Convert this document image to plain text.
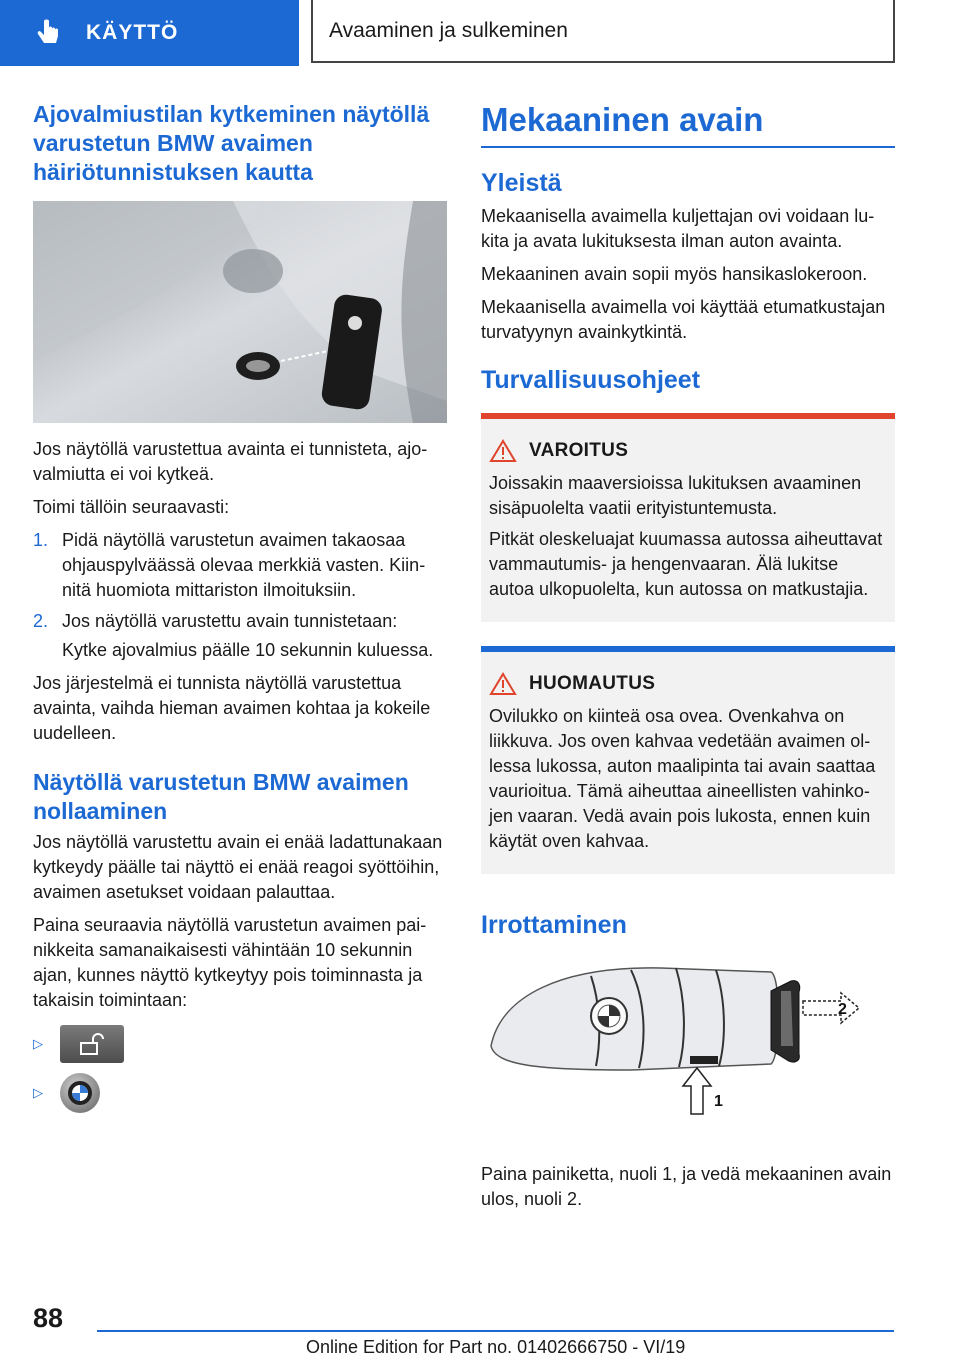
KÄYTTÖ	Avaaminen ja sulkeminen
Ajovalmiustilan kytkeminen näytöllä varustetun BMW avaimen häiriötunnistuksen kautta

Jos näytöllä varustettua avainta ei tunnisteta, ajovalmiutta ei voi kytkeä.

Toimi tällöin seuraavasti:

1. Pidä näytöllä varustetun avaimen takaosaa ohjauspylväässä olevaa merkkiä vasten. Kiinnitä huomiota mittariston ilmoituksiin.
2. Jos näytöllä varustettu avain tunnistetaan:

Kytke ajovalmius päälle 10 sekunnin kuluessa.

Jos järjestelmä ei tunnista näytöllä varustettua avainta, vaihda hieman avaimen kohtaa ja kokeile uudelleen.

Näytöllä varustetun BMW avaimen nollaaminen

Jos näytöllä varustettu avain ei enää ladattunakaan kytkeydy päälle tai näyttö ei enää reagoi syöttöihin, avaimen asetukset voidaan palauttaa.

Paina seuraavia näytöllä varustetun avaimen painikkeita samanaikaisesti vähintään 10 sekunnin ajan, kunnes näyttö kytkeytyy pois toiminnasta ja takaisin toimintaan:

▷
▷
Mekaaninen avain
Yleistä

Mekaanisella avaimella kuljettajan ovi voidaan lukita ja avata lukituksesta ilman auton avainta.

Mekaaninen avain sopii myös hansikaslokeroon.

Mekaanisella avaimella voi käyttää etumatkustajan turvatyynyn avainkytkintä.

Turvallisuusohjeet
VAROITUS

Joissakin maaversioissa lukituksen avaaminen sisäpuolelta vaatii erityistuntemusta.

Pitkät oleskeluajat kuumassa autossa aiheuttavat vammautumis- ja hengenvaaran. Älä lukitse autoa ulkopuolelta, kun autossa on matkustajia.

HUOMAUTUS

Ovilukko on kiinteä osa ovea. Ovenkahva on liikkuva. Jos oven kahvaa vedetään avaimen ollessa lukossa, auton maalipinta tai avain saattaa vaurioitua. Tämä aiheuttaa aineellisten vahinkojen vaaran. Vedä avain pois lukosta, ennen kuin käytät oven kahvaa.

Irrottaminen
2
1

Paina painiketta, nuoli 1, ja vedä mekaaninen avain ulos, nuoli 2.

88
Online Edition for Part no. 01402666750 - VI/19
